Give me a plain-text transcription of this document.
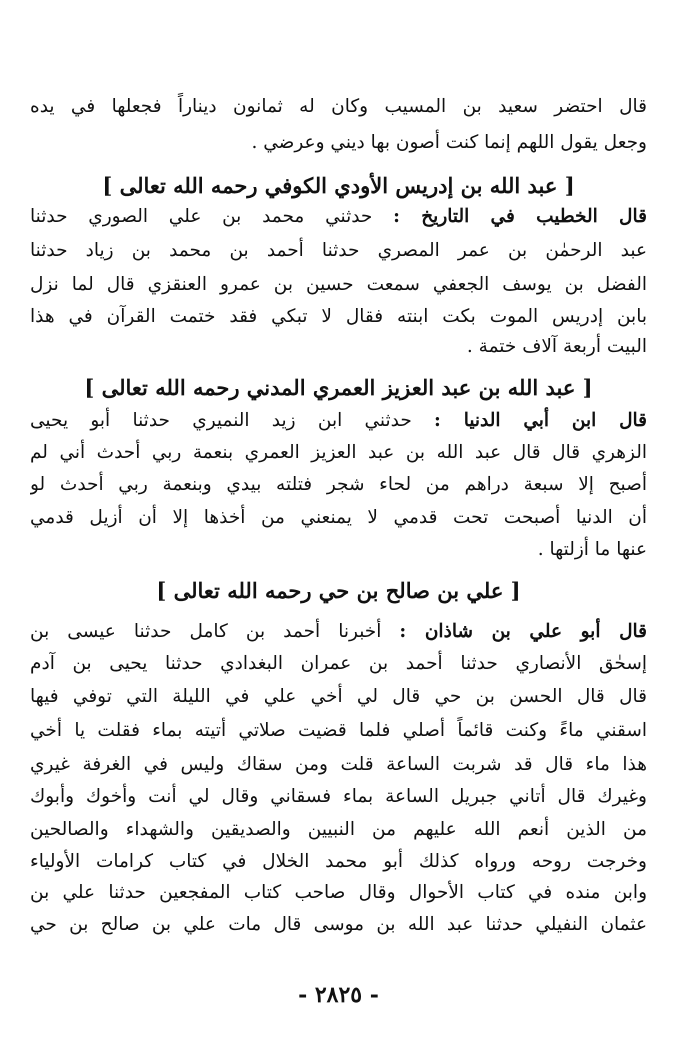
قال احتضر سعيد بن المسيب وكان له ثمانون ديناراً فجعلها في يده
وجعل يقول اللهم إنما كنت أصون بها ديني وعرضي .
[ عبد الله بن إدريس الأودي الكوفي رحمه الله تعالى ]
قال الخطيب في التاريخ : حدثني محمد بن علي الصوري حدثنا
عبد الرحمٰن بن عمر المصري حدثنا أحمد بن محمد بن زياد حدثنا
الفضل بن يوسف الجعفي سمعت حسين بن عمرو العنقزي قال لما نزل
بابن إدريس الموت بكت ابنته فقال لا تبكي فقد ختمت القرآن في هذا
البيت أربعة آلاف ختمة .
[ عبد الله بن عبد العزيز العمري المدني رحمه الله تعالى ]
قال ابن أبي الدنيا : حدثني ابن زيد النميري حدثنا أبو يحيى
الزهري قال قال عبد الله بن عبد العزيز العمري بنعمة ربي أحدث أني لم
أصبح إلا سبعة دراهم من لحاء شجر فتلته بيدي وبنعمة ربي أحدث لو
أن الدنيا أصبحت تحت قدمي لا يمنعني من أخذها إلا أن أزيل قدمي
عنها ما أزلتها .
[ علي بن صالح بن حي رحمه الله تعالى ]
قال أبو علي بن شاذان : أخبرنا أحمد بن كامل حدثنا عيسى بن
إسحٰق الأنصاري حدثنا أحمد بن عمران البغدادي حدثنا يحيى بن آدم
قال قال الحسن بن حي قال لي أخي علي في الليلة التي توفي فيها
اسقني ماءً وكنت قائماً أصلي فلما قضيت صلاتي أتيته بماء فقلت يا أخي
هذا ماء قال قد شربت الساعة قلت ومن سقاك وليس في الغرفة غيري
وغيرك قال أتاني جبريل الساعة بماء فسقاني وقال لي أنت وأخوك وأبوك
من الذين أنعم الله عليهم من النبيين والصديقين والشهداء والصالحين
وخرجت روحه ورواه كذلك أبو محمد الخلال في كتاب كرامات الأولياء
وابن منده في كتاب الأحوال وقال صاحب كتاب المفجعين حدثنا علي بن
عثمان النفيلي حدثنا عبد الله بن موسى قال مات علي بن صالح بن حي
- ٢٨٢٥ -
